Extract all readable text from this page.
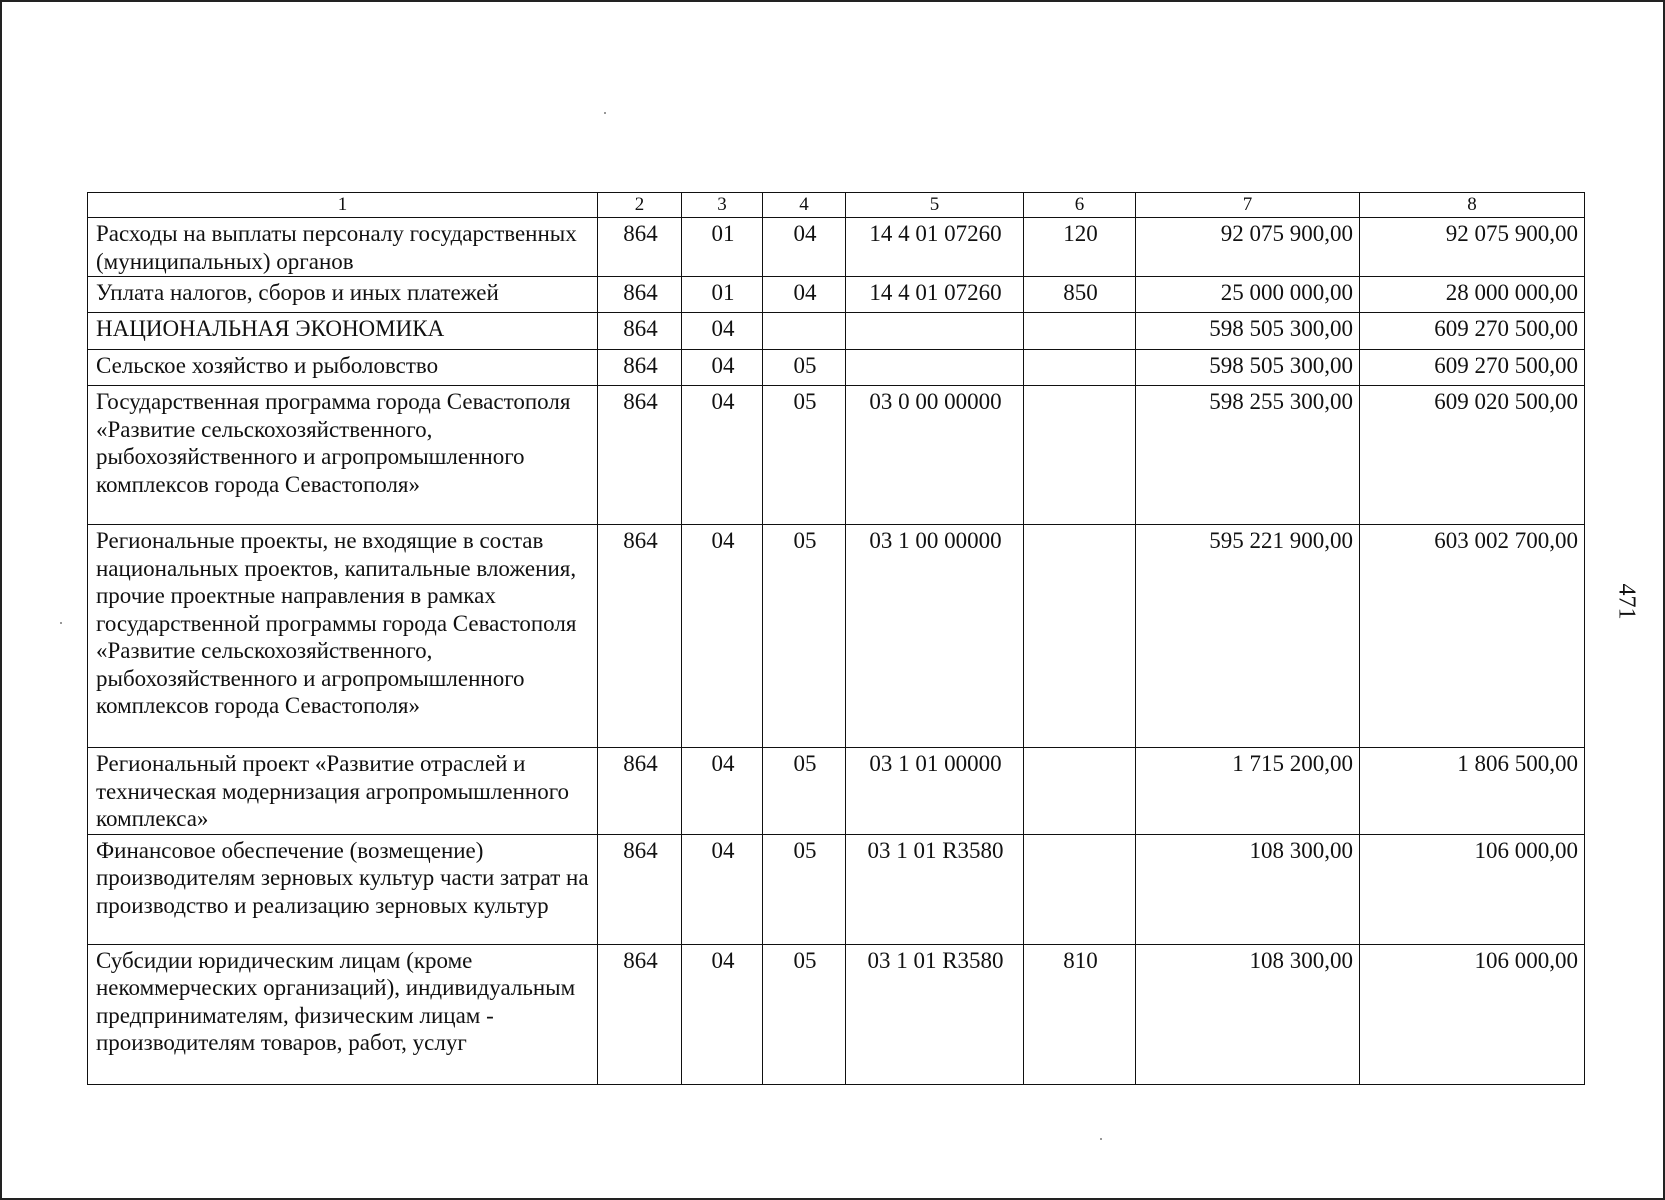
471
1	2	3	4	5	6	7	8
Расходы на выплаты персоналу государственных (муниципальных) органов	864	01	04	14 4 01 07260	120	92 075 900,00	92 075 900,00
Уплата налогов, сборов и иных платежей	864	01	04	14 4 01 07260	850	25 000 000,00	28 000 000,00
НАЦИОНАЛЬНАЯ ЭКОНОМИКА	864	04				598 505 300,00	609 270 500,00
Сельское хозяйство и рыболовство	864	04	05			598 505 300,00	609 270 500,00
Государственная программа города Севастополя «Развитие сельскохозяйственного, рыбохозяйственного и агропромышленного комплексов города Севастополя»	864	04	05	03 0 00 00000		598 255 300,00	609 020 500,00
Региональные проекты, не входящие в состав национальных проектов, капитальные вложения, прочие проектные направления в рамках государственной программы города Севастополя «Развитие сельскохозяйственного, рыбохозяйственного и агропромышленного комплексов города Севастополя»	864	04	05	03 1 00 00000		595 221 900,00	603 002 700,00
Региональный проект «Развитие отраслей и техническая модернизация агропромышленного комплекса»	864	04	05	03 1 01 00000		1 715 200,00	1 806 500,00
Финансовое обеспечение (возмещение) производителям зерновых культур части затрат на производство и реализацию зерновых культур	864	04	05	03 1 01 R3580		108 300,00	106 000,00
Субсидии юридическим лицам (кроме некоммерческих организаций), индивидуальным предпринимателям, физическим лицам - производителям товаров, работ, услуг	864	04	05	03 1 01 R3580	810	108 300,00	106 000,00
